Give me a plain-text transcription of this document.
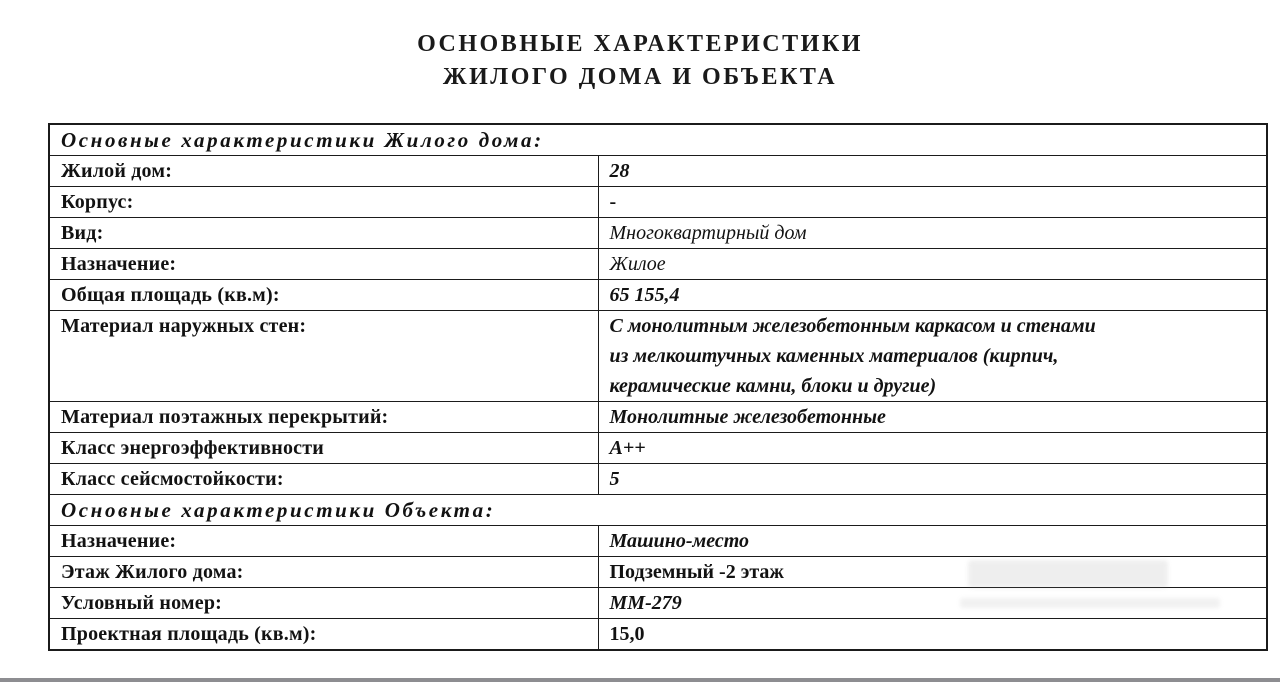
ОСНОВНЫЕ ХАРАКТЕРИСТИКИ
ЖИЛОГО ДОМА И ОБЪЕКТА
Основные характеристики Жилого дома:	
Жилой дом:	28
Корпус:	-
Вид:	Многоквартирный дом
Назначение:	Жилое
Общая площадь (кв.м):	65 155,4
Материал наружных стен:	С монолитным железобетонным каркасом и стенами из мелкоштучных каменных материалов (кирпич, керамические камни, блоки и другие)
Материал поэтажных перекрытий:	Монолитные железобетонные
Класс энергоэффективности	А++
Класс сейсмостойкости:	5
Основные характеристики Объекта:	
Назначение:	Машино-место
Этаж Жилого дома:	Подземный -2 этаж
Условный номер:	ММ-279
Проектная площадь (кв.м):	15,0
